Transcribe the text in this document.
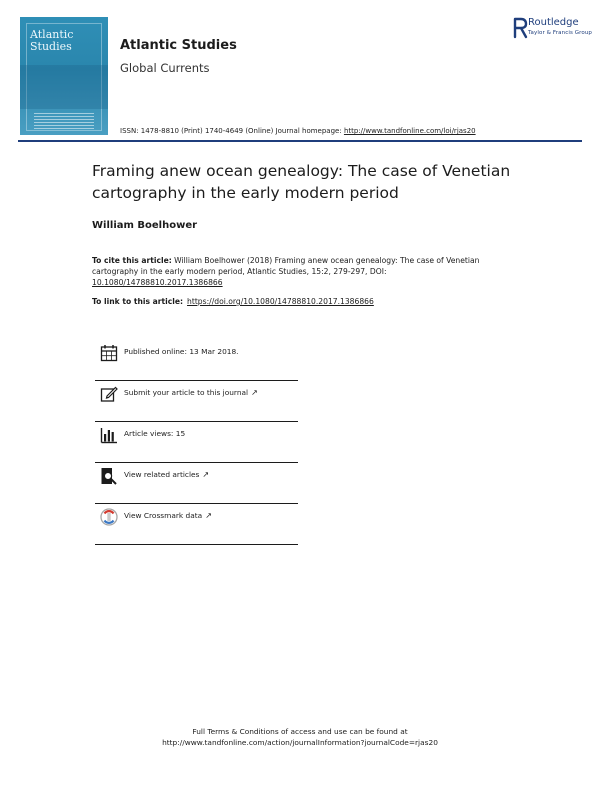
Atlantic
Studies	Atlantic Studies
Global Currents
Routledge
Taylor & Francis Group
ISSN: 1478-8810 (Print) 1740-4649 (Online) Journal homepage: http://www.tandfonline.com/loi/rjas20
Framing anew ocean genealogy: The case of Venetian cartography in the early modern period
William Boelhower
To cite this article: William Boelhower (2018) Framing anew ocean genealogy: The case of Venetian cartography in the early modern period, Atlantic Studies, 15:2, 279-297, DOI: 10.1080/14788810.2017.1386866
To link to this article: https://doi.org/10.1080/14788810.2017.1386866
Published online: 13 Mar 2018.
Submit your article to this journal ↗
Article views: 15
View related articles ↗
View Crossmark data ↗
Full Terms & Conditions of access and use can be found at
http://www.tandfonline.com/action/journalInformation?journalCode=rjas20
